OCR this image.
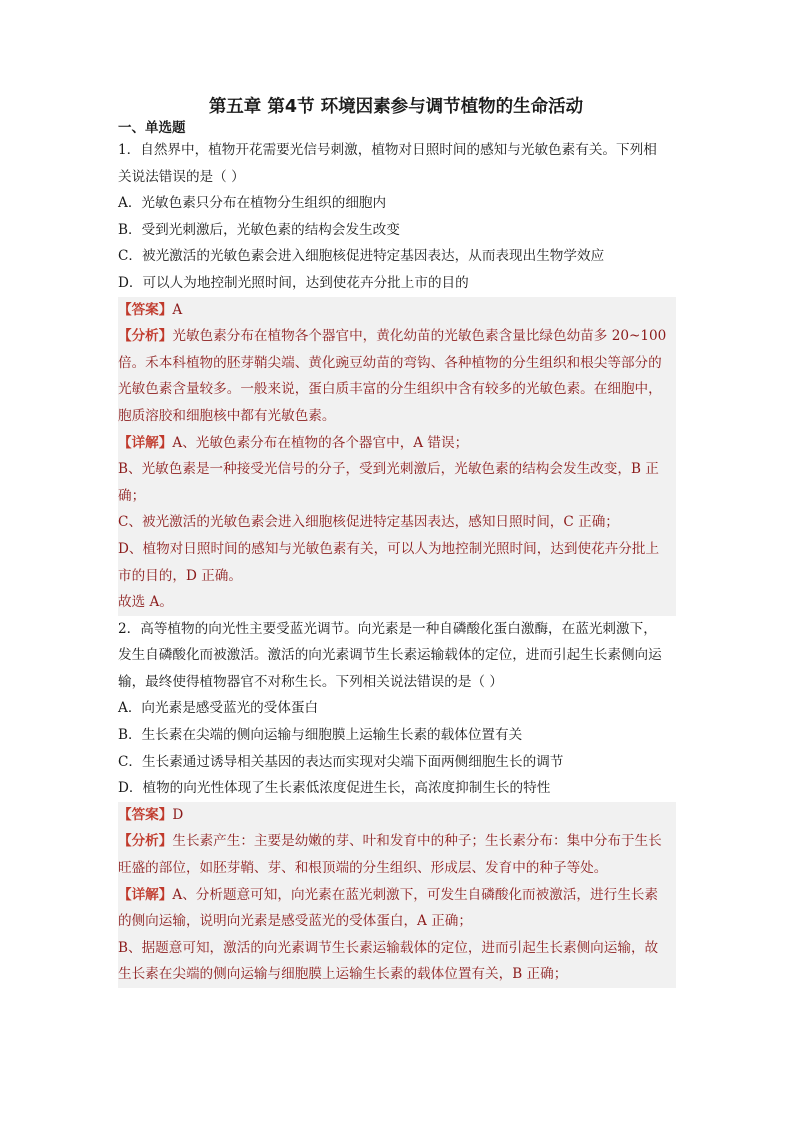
第五章 第4节 环境因素参与调节植物的生命活动
一、单选题

1．自然界中，植物开花需要光信号刺激，植物对日照时间的感知与光敏色素有关。下列相

关说法错误的是（ ）

A．光敏色素只分布在植物分生组织的细胞内

B．受到光刺激后，光敏色素的结构会发生改变

C．被光激活的光敏色素会进入细胞核促进特定基因表达，从而表现出生物学效应

D．可以人为地控制光照时间，达到使花卉分批上市的目的

【答案】A

【分析】光敏色素分布在植物各个器官中，黄化幼苗的光敏色素含量比绿色幼苗多 20~100

倍。禾本科植物的胚芽鞘尖端、黄化豌豆幼苗的弯钩、各种植物的分生组织和根尖等部分的

光敏色素含量较多。一般来说，蛋白质丰富的分生组织中含有较多的光敏色素。在细胞中，

胞质溶胶和细胞核中都有光敏色素。

【详解】A、光敏色素分布在植物的各个器官中，A 错误；

B、光敏色素是一种接受光信号的分子，受到光刺激后，光敏色素的结构会发生改变，B 正

确；

C、被光激活的光敏色素会进入细胞核促进特定基因表达，感知日照时间，C 正确；

D、植物对日照时间的感知与光敏色素有关，可以人为地控制光照时间，达到使花卉分批上

市的目的，D 正确。

故选 A。

2．高等植物的向光性主要受蓝光调节。向光素是一种自磷酸化蛋白激酶，在蓝光刺激下，

发生自磷酸化而被激活。激活的向光素调节生长素运输载体的定位，进而引起生长素侧向运

输，最终使得植物器官不对称生长。下列相关说法错误的是（ ）

A．向光素是感受蓝光的受体蛋白

B．生长素在尖端的侧向运输与细胞膜上运输生长素的载体位置有关

C．生长素通过诱导相关基因的表达而实现对尖端下面两侧细胞生长的调节

D．植物的向光性体现了生长素低浓度促进生长，高浓度抑制生长的特性

【答案】D

【分析】生长素产生：主要是幼嫩的芽、叶和发育中的种子；生长素分布：集中分布于生长

旺盛的部位，如胚芽鞘、芽、和根顶端的分生组织、形成层、发育中的种子等处。

【详解】A、分析题意可知，向光素在蓝光刺激下，可发生自磷酸化而被激活，进行生长素

的侧向运输，说明向光素是感受蓝光的受体蛋白，A 正确；

B、据题意可知，激活的向光素调节生长素运输载体的定位，进而引起生长素侧向运输，故

生长素在尖端的侧向运输与细胞膜上运输生长素的载体位置有关，B 正确；
